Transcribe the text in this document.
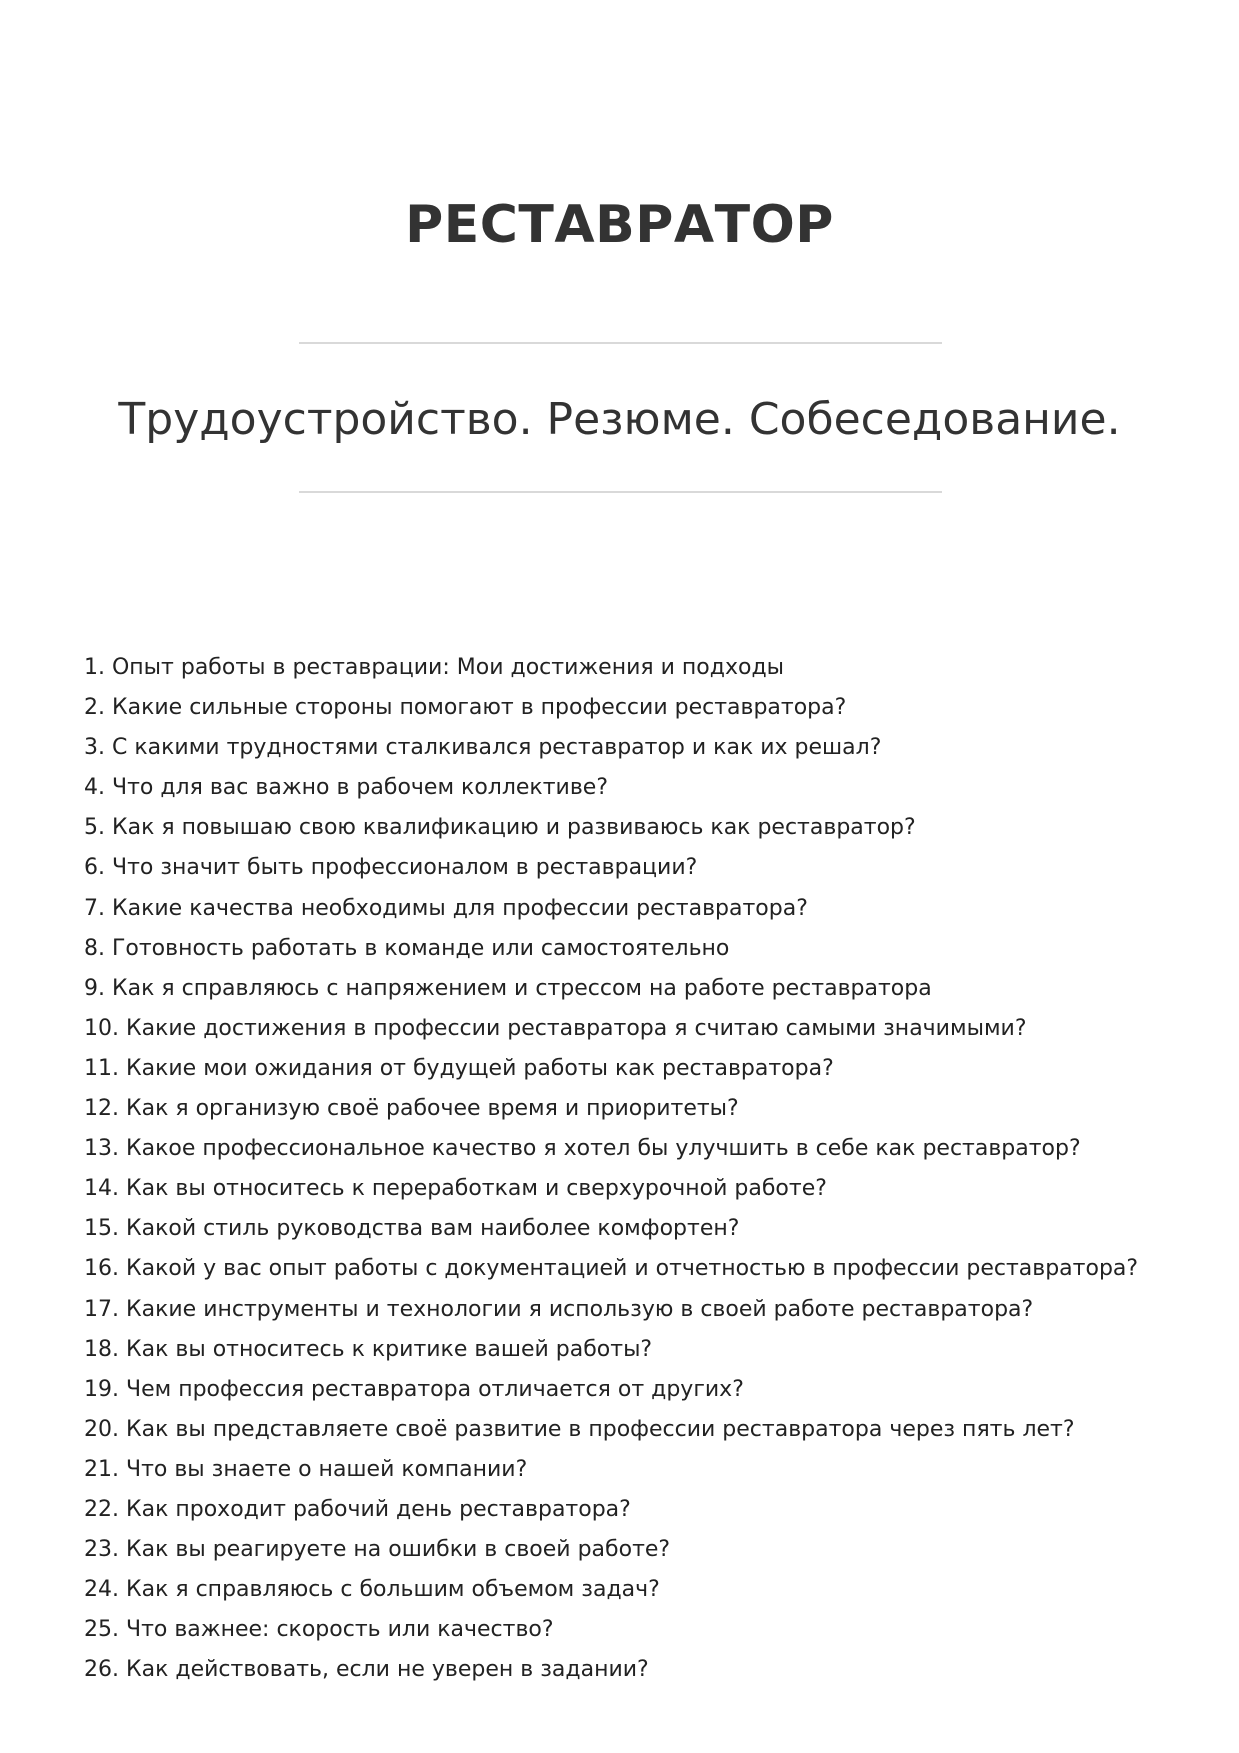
РЕСТАВРАТОР
Трудоустройство. Резюме. Собеседование.
1. Опыт работы в реставрации: Мои достижения и подходы
2. Какие сильные стороны помогают в профессии реставратора?
3. С какими трудностями сталкивался реставратор и как их решал?
4. Что для вас важно в рабочем коллективе?
5. Как я повышаю свою квалификацию и развиваюсь как реставратор?
6. Что значит быть профессионалом в реставрации?
7. Какие качества необходимы для профессии реставратора?
8. Готовность работать в команде или самостоятельно
9. Как я справляюсь с напряжением и стрессом на работе реставратора
10. Какие достижения в профессии реставратора я считаю самыми значимыми?
11. Какие мои ожидания от будущей работы как реставратора?
12. Как я организую своё рабочее время и приоритеты?
13. Какое профессиональное качество я хотел бы улучшить в себе как реставратор?
14. Как вы относитесь к переработкам и сверхурочной работе?
15. Какой стиль руководства вам наиболее комфортен?
16. Какой у вас опыт работы с документацией и отчетностью в профессии реставратора?
17. Какие инструменты и технологии я использую в своей работе реставратора?
18. Как вы относитесь к критике вашей работы?
19. Чем профессия реставратора отличается от других?
20. Как вы представляете своё развитие в профессии реставратора через пять лет?
21. Что вы знаете о нашей компании?
22. Как проходит рабочий день реставратора?
23. Как вы реагируете на ошибки в своей работе?
24. Как я справляюсь с большим объемом задач?
25. Что важнее: скорость или качество?
26. Как действовать, если не уверен в задании?
